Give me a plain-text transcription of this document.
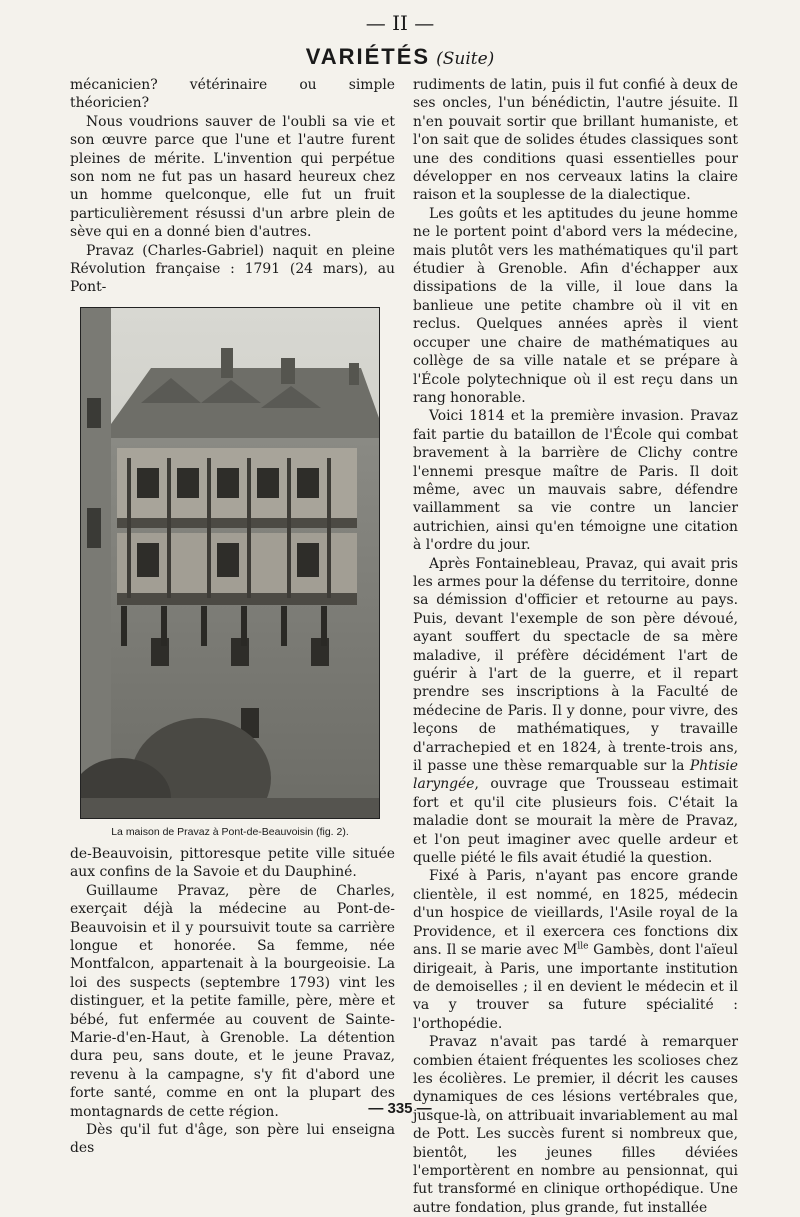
— II —
VARIÉTÉS (Suite)

mécanicien? vétérinaire ou simple théoricien?

Nous voudrions sauver de l'oubli sa vie et son œuvre parce que l'une et l'autre furent pleines de mérite. L'invention qui perpétue son nom ne fut pas un hasard heureux chez un homme quelconque, elle fut un fruit particulièrement résussi d'un arbre plein de sève qui en a donné bien d'autres.

Pravaz (Charles-Gabriel) naquit en pleine Révolution française : 1791 (24 mars), au Pont-

La maison de Pravaz à Pont-de-Beauvoisin (fig. 2).

de-Beauvoisin, pittoresque petite ville située aux confins de la Savoie et du Dauphiné.

Guillaume Pravaz, père de Charles, exerçait déjà la médecine au Pont-de-Beauvoisin et il y poursuivit toute sa carrière longue et honorée. Sa femme, née Montfalcon, appartenait à la bourgeoisie. La loi des suspects (septembre 1793) vint les distinguer, et la petite famille, père, mère et bébé, fut enfermée au couvent de Sainte-Marie-d'en-Haut, à Grenoble. La détention dura peu, sans doute, et le jeune Pravaz, revenu à la campagne, s'y fit d'abord une forte santé, comme en ont la plupart des montagnards de cette région.

Dès qu'il fut d'âge, son père lui enseigna des

rudiments de latin, puis il fut confié à deux de ses oncles, l'un bénédictin, l'autre jésuite. Il n'en pouvait sortir que brillant humaniste, et l'on sait que de solides études classiques sont une des conditions quasi essentielles pour développer en nos cerveaux latins la claire raison et la souplesse de la dialectique.

Les goûts et les aptitudes du jeune homme ne le portent point d'abord vers la médecine, mais plutôt vers les mathématiques qu'il part étudier à Grenoble. Afin d'échapper aux dissipations de la ville, il loue dans la banlieue une petite chambre où il vit en reclus. Quelques années après il vient occuper une chaire de mathématiques au collège de sa ville natale et se prépare à l'École polytechnique où il est reçu dans un rang honorable.

Voici 1814 et la première invasion. Pravaz fait partie du bataillon de l'École qui combat bravement à la barrière de Clichy contre l'ennemi presque maître de Paris. Il doit même, avec un mauvais sabre, défendre vaillamment sa vie contre un lancier autrichien, ainsi qu'en témoigne une citation à l'ordre du jour.

Après Fontainebleau, Pravaz, qui avait pris les armes pour la défense du territoire, donne sa démission d'officier et retourne au pays. Puis, devant l'exemple de son père dévoué, ayant souffert du spectacle de sa mère maladive, il préfère décidément l'art de guérir à l'art de la guerre, et il repart prendre ses inscriptions à la Faculté de médecine de Paris. Il y donne, pour vivre, des leçons de mathématiques, y travaille d'arrachepied et en 1824, à trente-trois ans, il passe une thèse remarquable sur la Phtisie laryngée, ouvrage que Trousseau estimait fort et qu'il cite plusieurs fois. C'était la maladie dont se mourait la mère de Pravaz, et l'on peut imaginer avec quelle ardeur et quelle piété le fils avait étudié la question.

Fixé à Paris, n'ayant pas encore grande clientèle, il est nommé, en 1825, médecin d'un hospice de vieillards, l'Asile royal de la Providence, et il exercera ces fonctions dix ans. Il se marie avec $M^{lle}$ Gambès, dont l'aïeul dirigeait, à Paris, une importante institution de demoiselles ; il en devient le médecin et il va y trouver sa future spécialité : l'orthopédie.

Pravaz n'avait pas tardé à remarquer combien étaient fréquentes les scolioses chez les écolières. Le premier, il décrit les causes dynamiques de ces lésions vertébrales que, jusque-là, on attribuait invariablement au mal de Pott. Les succès furent si nombreux que, bientôt, les jeunes filles déviées l'emportèrent en nombre au pensionnat, qui fut transformé en clinique orthopédique. Une autre fondation, plus grande, fut installée

— 335 —
